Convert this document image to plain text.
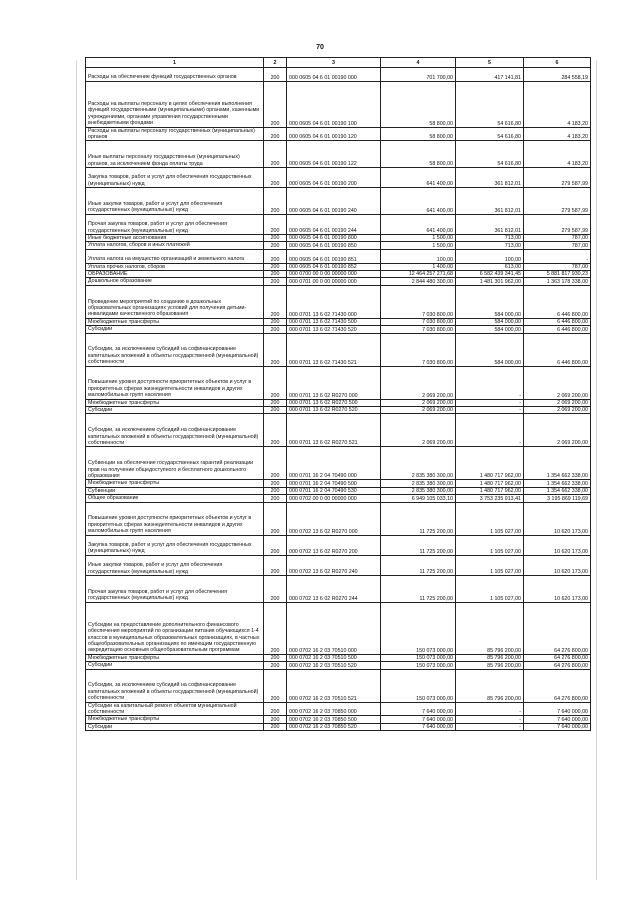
70
1	2	3	4	5	6
Расходы на обеспечение функций государственных органов	200	000 0605 04 6 01 00190 000	701 700,00	417 141,81	284 558,19
Расходы на выплаты персоналу в целях обеспечения выполнения функций государственными (муниципальными) органами, казенными учреждениями, органами управления государственными внебюджетными фондами	200	000 0605 04 6 01 00190 100	58 800,00	54 616,80	4 183,20
Расходы на выплаты персоналу государственных (муниципальных) органов	200	000 0605 04 6 01 00190 120	58 800,00	54 616,80	4 183,20
Иные выплаты персоналу государственных (муниципальных) органов, за исключением фонда оплаты труда	200	000 0605 04 6 01 00190 122	58 800,00	54 616,80	4 183,20
Закупка товаров, работ и услуг для обеспечения государственных (муниципальных) нужд	200	000 0605 04 6 01 00190 200	641 400,00	361 812,01	279 587,99
Иные закупки товаров, работ и услуг для обеспечения государственных (муниципальных) нужд	200	000 0605 04 6 01 00190 240	641 400,00	361 812,01	279 587,99
Прочая закупка товаров, работ и услуг для обеспечения государственных (муниципальных) нужд	200	000 0605 04 6 01 00190 244	641 400,00	361 812,01	279 587,99
Иные бюджетные ассигнования	200	000 0605 04 6 01 00190 800	1 500,00	713,00	787,00
Уплата налогов, сборов и иных платежей	200	000 0605 04 6 01 00190 850	1 500,00	713,00	787,00
Уплата налога на имущество организаций и земельного налога	200	000 0605 04 6 01 00190 851	100,00	100,00	-
Уплата прочих налогов, сборов	200	000 0605 04 6 01 00190 852	1 400,00	613,00	787,00
ОБРАЗОВАНИЕ	200	000 0700 00 0 00 00000 000	12 464 257 271,68	6 582 439 341,45	5 881 817 930,23
Дошкольное образование	200	000 0701 00 0 00 00000 000	2 844 480 300,00	1 481 301 962,00	1 363 178 338,00
Проведение мероприятий по созданию в дошкольных образовательных организациях условий для получения детьми-инвалидами качественного образования	200	000 0701 13 6 02 71430 000	7 030 800,00	584 000,00	6 446 800,00
Межбюджетные трансферты	200	000 0701 13 6 02 71430 500	7 030 800,00	584 000,00	6 446 800,00
Субсидии	200	000 0701 13 6 02 71430 520	7 030 800,00	584 000,00	6 446 800,00
Субсидии, за исключением субсидий на софинансирование капитальных вложений в объекты государственной (муниципальной) собственности	200	000 0701 13 6 02 71430 521	7 030 800,00	584 000,00	6 446 800,00
Повышение уровня доступности приоритетных объектов и услуг в приоритетных сферах жизнедеятельности инвалидов и других маломобильных групп населения	200	000 0701 13 6 02 R0270 000	2 069 200,00	-	2 069 200,00
Межбюджетные трансферты	200	000 0701 13 6 02 R0270 500	2 069 200,00	-	2 069 200,00
Субсидии	200	000 0701 13 6 02 R0270 520	2 069 200,00	-	2 069 200,00
Субсидии, за исключением субсидий на софинансирование капитальных вложений в объекты государственной (муниципальной) собственности	200	000 0701 13 6 02 R0270 521	2 069 200,00	-	2 069 200,00
Субвенции на обеспечение государственных гарантий реализации прав на получение общедоступного и бесплатного дошкольного образования	200	000 0701 16 2 04 70490 000	2 835 380 300,00	1 480 717 962,00	1 354 662 338,00
Межбюджетные трансферты	200	000 0701 16 2 04 70490 500	2 835 380 300,00	1 480 717 962,00	1 354 662 338,00
Субвенции	200	000 0701 16 2 04 70490 530	2 835 380 300,00	1 480 717 962,00	1 354 662 338,00
Общее образование	200	000 0702 00 0 00 00000 000	6 949 105 033,10	3 753 235 913,41	3 195 869 119,69
Повышение уровня доступности приоритетных объектов и услуг в приоритетных сферах жизнедеятельности инвалидов и других маломобильных групп населения	200	000 0702 13 6 02 R0270 000	11 725 200,00	1 105 027,00	10 620 173,00
Закупка товаров, работ и услуг для обеспечения государственных (муниципальных) нужд	200	000 0702 13 6 02 R0270 200	11 725 200,00	1 105 027,00	10 620 173,00
Иные закупки товаров, работ и услуг для обеспечения государственных (муниципальных) нужд	200	000 0702 13 6 02 R0270 240	11 725 200,00	1 105 027,00	10 620 173,00
Прочая закупка товаров, работ и услуг для обеспечения государственных (муниципальных) нужд	200	000 0702 13 6 02 R0270 244	11 725 200,00	1 105 027,00	10 620 173,00
Субсидии на предоставление дополнительного финансового обеспечения мероприятий по организации питания обучающихся 1-4 классов в муниципальных образовательных организациях, в частных общеобразовательных организациях по имеющим государственную аккредитацию основным общеобразовательным программам	200	000 0702 16 2 03 70510 000	150 073 000,00	85 796 200,00	64 276 800,00
Межбюджетные трансферты	200	000 0702 16 2 03 70510 500	150 073 000,00	85 796 200,00	64 276 800,00
Субсидии	200	000 0702 16 2 03 70510 520	150 073 000,00	85 796 200,00	64 276 800,00
Субсидии, за исключением субсидий на софинансирование капитальных вложений в объекты государственной (муниципальной) собственности	200	000 0702 16 2 03 70510 521	150 073 000,00	85 796 200,00	64 276 800,00
Субсидии на капитальный ремонт объектов муниципальной собственности	200	000 0702 16 2 03 70850 000	7 640 000,00	-	7 640 000,00
Межбюджетные трансферты	200	000 0702 16 2 03 70850 500	7 640 000,00	-	7 640 000,00
Субсидии	200	000 0702 16 2 03 70850 520	7 640 000,00	-	7 640 000,00
